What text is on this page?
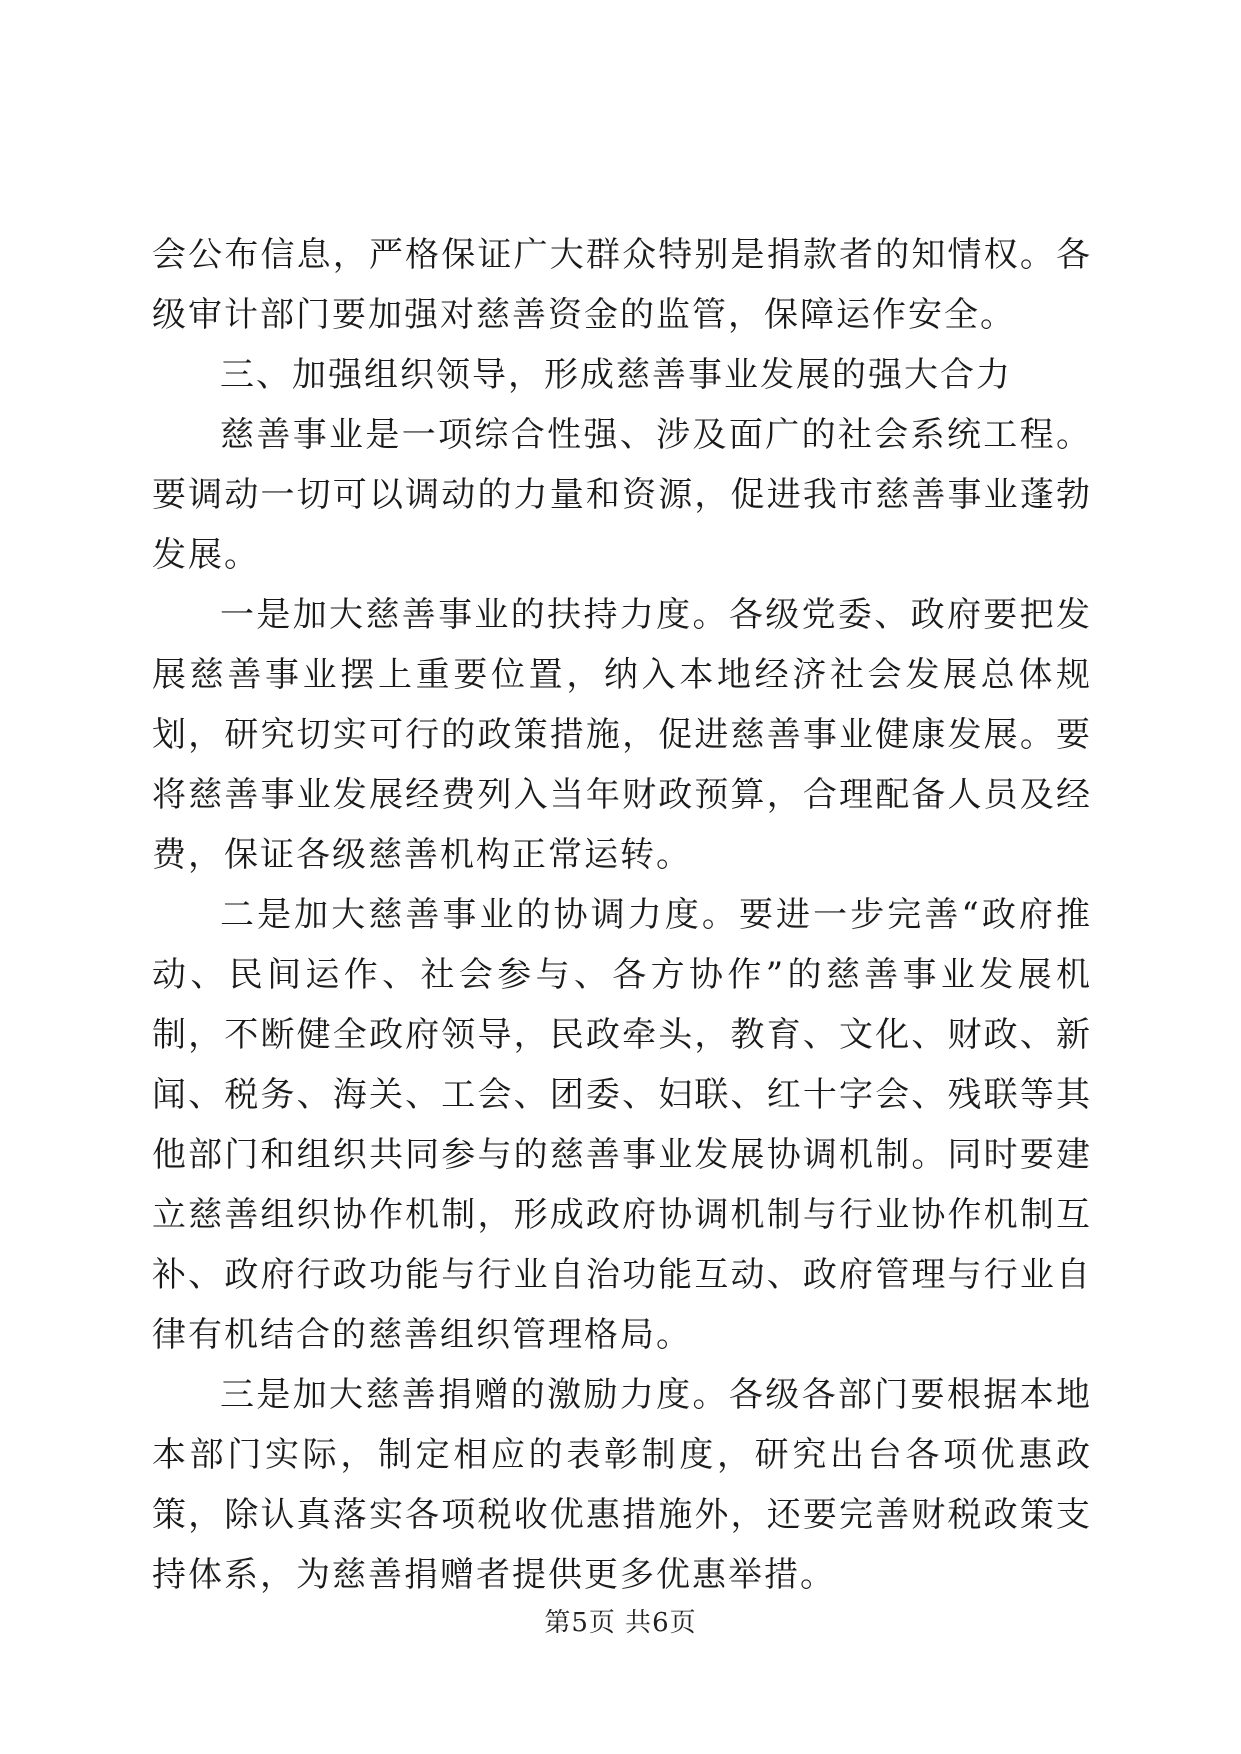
会公布信息，严格保证广大群众特别是捐款者的知情权。各级审计部门要加强对慈善资金的监管，保障运作安全。

三、加强组织领导，形成慈善事业发展的强大合力

慈善事业是一项综合性强、涉及面广的社会系统工程。要调动一切可以调动的力量和资源，促进我市慈善事业蓬勃发展。

一是加大慈善事业的扶持力度。各级党委、政府要把发展慈善事业摆上重要位置，纳入本地经济社会发展总体规划，研究切实可行的政策措施，促进慈善事业健康发展。要将慈善事业发展经费列入当年财政预算，合理配备人员及经费，保证各级慈善机构正常运转。

二是加大慈善事业的协调力度。要进一步完善“政府推动、民间运作、社会参与、各方协作”的慈善事业发展机制，不断健全政府领导，民政牵头，教育、文化、财政、新闻、税务、海关、工会、团委、妇联、红十字会、残联等其他部门和组织共同参与的慈善事业发展协调机制。同时要建立慈善组织协作机制，形成政府协调机制与行业协作机制互补、政府行政功能与行业自治功能互动、政府管理与行业自律有机结合的慈善组织管理格局。

三是加大慈善捐赠的激励力度。各级各部门要根据本地本部门实际，制定相应的表彰制度，研究出台各项优惠政策，除认真落实各项税收优惠措施外，还要完善财税政策支持体系，为慈善捐赠者提供更多优惠举措。

第5页 共6页
